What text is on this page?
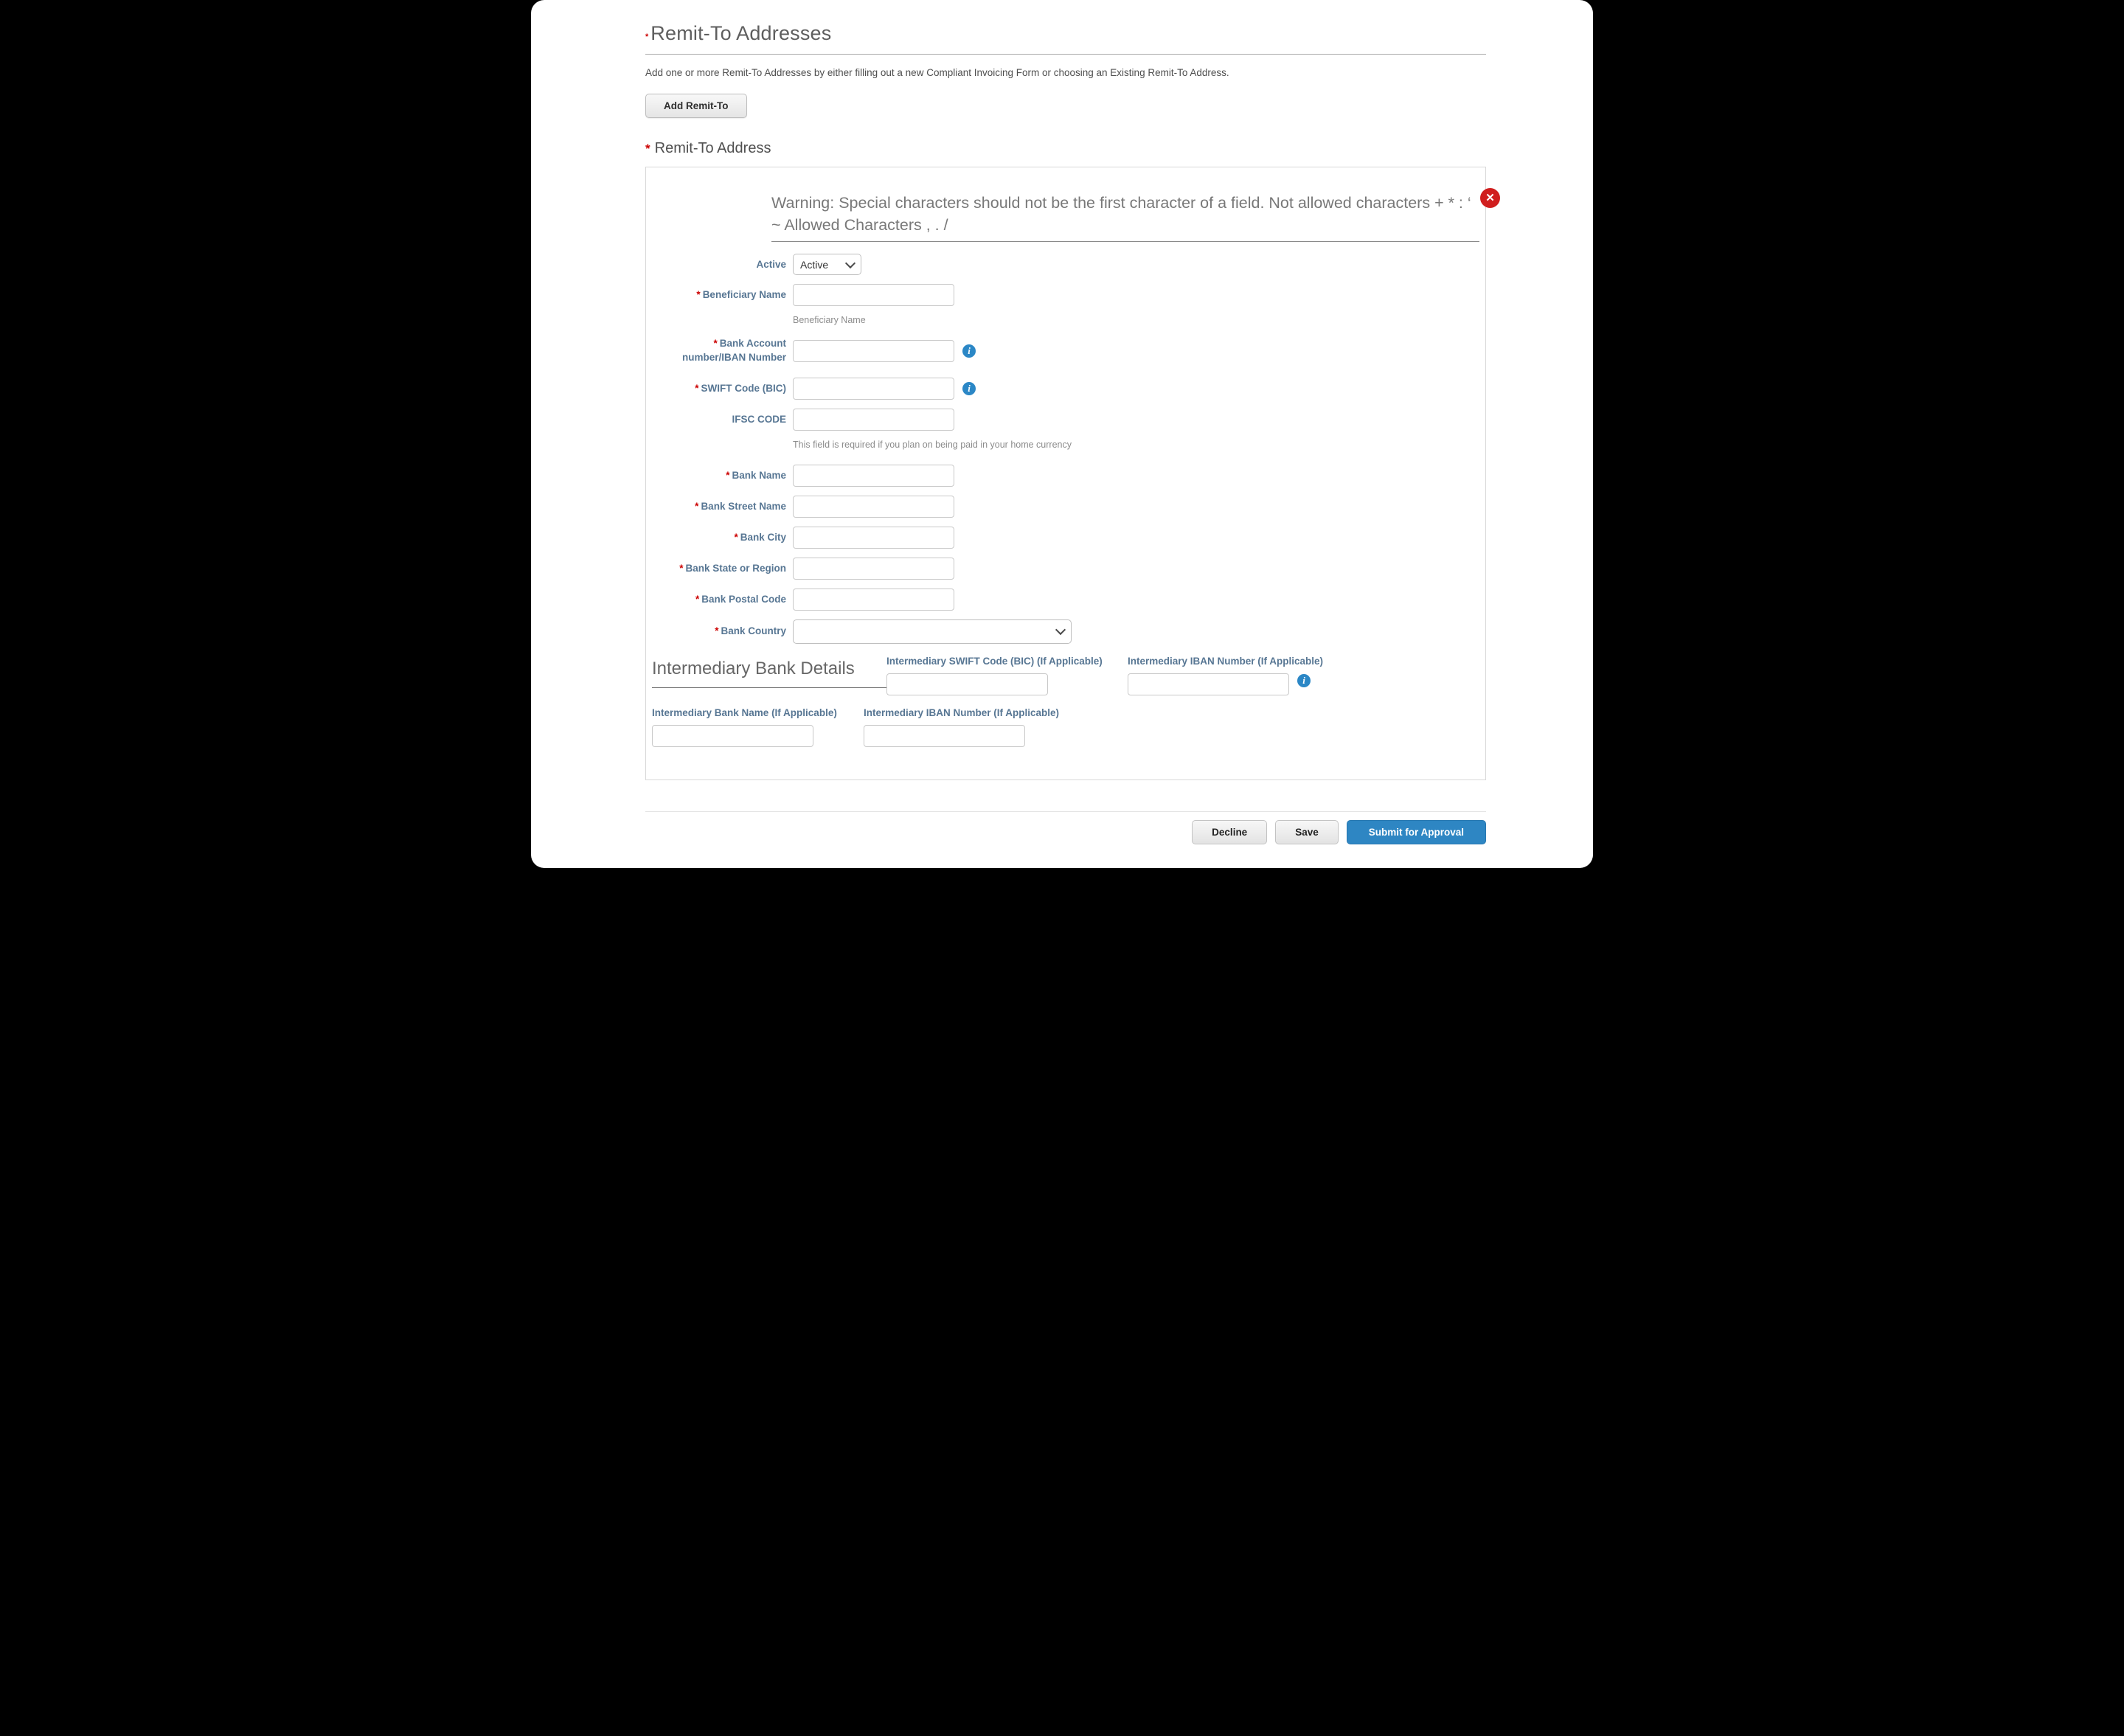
* Remit-To Addresses
Add one or more Remit-To Addresses by either filling out a new Compliant Invoicing Form or choosing an Existing Remit-To Address.
Add Remit-To
* Remit-To Address
Warning: Special characters should not be the first character of a field. Not allowed characters + * : ‘ ~ Allowed Characters , . /
✕
Active	Active
* Beneficiary Name
Beneficiary Name
* Bank Account number/IBAN Number
i
* SWIFT Code (BIC)	i
IFSC CODE
This field is required if you plan on being paid in your home currency
* Bank Name
* Bank Street Name
* Bank City
* Bank State or Region
* Bank Postal Code
* Bank Country
Intermediary Bank Details	Intermediary SWIFT Code (BIC) (If Applicable)	Intermediary IBAN Number (If Applicable)
i
Intermediary Bank Name (If Applicable)	Intermediary IBAN Number (If Applicable)
Decline	Save	Submit for Approval
